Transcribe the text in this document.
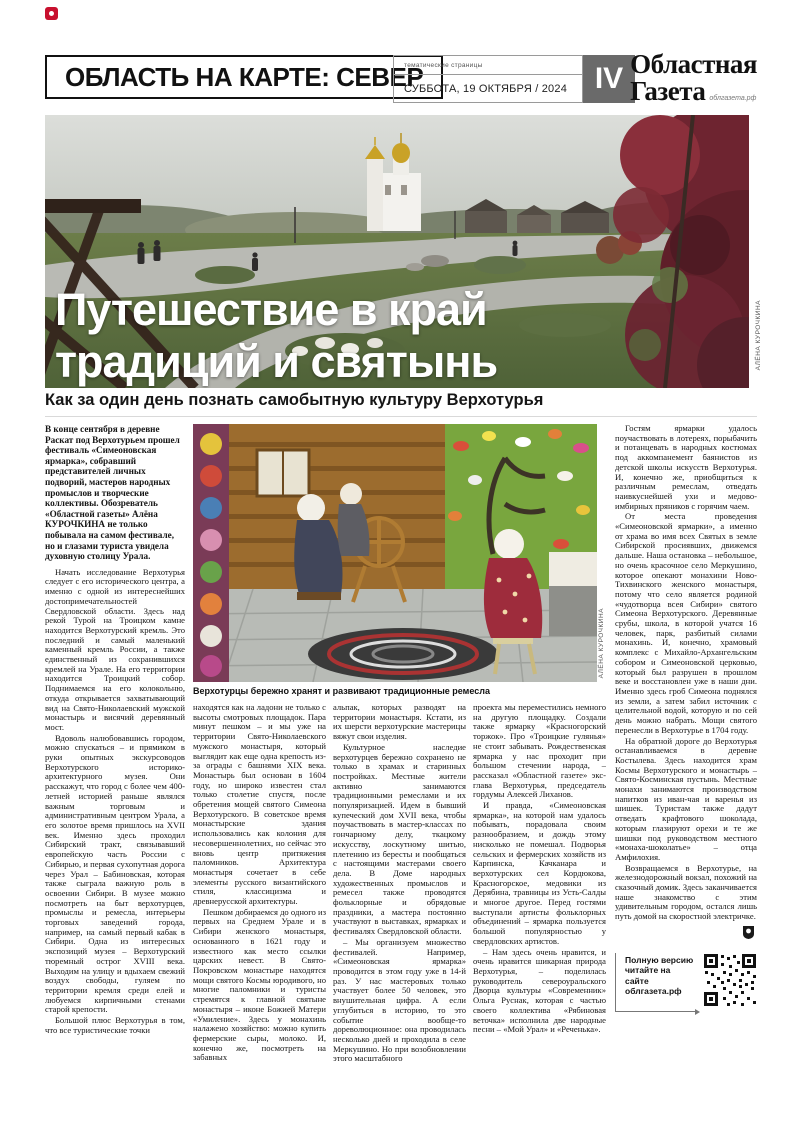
ОБЛАСТЬ НА КАРТЕ: СЕВЕР
тематические страницы
СУББОТА, 19 ОКТЯБРЯ / 2024 IV Областная
Газета облгазета.рф
Путешествие в край
традиций и святынь	АЛЁНА КУРОЧКИНА
Как за один день познать самобытную культуру Верхотурья

В конце сентября в деревне Раскат под Верхотурьем прошел фестиваль «Симеоновская ярмарка», собравший представителей личных подворий, мастеров народных промыслов и творческие коллективы. Обозреватель «Областной газеты» Алёна КУРОЧКИНА не только побывала на самом фестивале, но и глазами туриста увидела духовную столицу Урала.

Начать исследование Верхотурья следует с его исторического центра, а именно с одной из интереснейших достопримечательностей Свердловской области. Здесь над рекой Турой на Троицком камне находится Верхотурский кремль. Это последний и самый маленький каменный кремль России, а также единственный из сохранившихся кремлей на Урале. На его территории находится Троицкий собор. Поднимаемся на его колокольню, откуда открывается захватывающий вид на Свято-Николаевский мужской монастырь и висячий деревянный мост.

Вдоволь налюбовавшись городом, можно спускаться – и прямиком в руки опытных экскурсоводов Верхотурского историко-архитектурного музея. Они расскажут, что город с более чем 400-летней историей раньше являлся важным торговым и административным центром Урала, а его золотое время пришлось на XVII век. Именно здесь проходил Сибирский тракт, связывавший европейскую часть России с Сибирью, и первая сухопутная дорога через Урал – Бабиновская, которая также сыграла важную роль в освоении Сибири. В музее можно посмотреть на быт верхотурцев, промыслы и ремесла, интерьеры торговых заведений города, например, на самый первый кабак в Сибири. Одна из интересных экспозиций музея – Верхотурский тюремный острог XVIII века. Выходим на улицу и вдыхаем свежий воздух свободы, гуляем по территории кремля среди елей и любуемся кирпичными стенами старой крепости.

Большой плюс Верхотурья в том, что все туристические точки

АЛЁНА КУРОЧКИНА
Верхотурцы бережно хранят и развивают традиционные ремесла

находятся как на ладони не только с высоты смотровых площадок. Пара минут пешком – и мы уже на территории Свято-Николаевского мужского монастыря, который выглядит как еще одна крепость из-за ограды с башнями XIX века. Монастырь был основан в 1604 году, но широко известен стал только столетие спустя, после обретения мощей святого Симеона Верхотурского. В советское время монастырские здания использовались как колония для несовершеннолетних, но сейчас это вновь центр притяжения паломников. Архитектура монастыря сочетает в себе элементы русского византийского стиля, классицизма и древнерусской архитектуры.

Пешком добираемся до одного из первых на Среднем Урале и в Сибири женского монастыря, основанного в 1621 году и известного как место ссылки царских невест. В Свято-Покровском монастыре находятся мощи святого Космы юродивого, но многие паломники и туристы стремятся к главной святыне монастыря – иконе Божией Матери «Умиление». Здесь у монахинь налажено хозяйство: можно купить фермерские сыры, молоко. И, конечно же, посмотреть на забавных

альпак, которых разводят на территории монастыря. Кстати, из их шерсти верхотурские мастерицы вяжут свои изделия.

Культурное наследие верхотурцев бережно сохранено не только в храмах и старинных постройках. Местные жители активно занимаются традиционными ремеслами и их популяризацией. Идем в бывший купеческий дом XVII века, чтобы поучаствовать в мастер-классах по гончарному делу, ткацкому искусству, лоскутному шитью, плетению из бересты и пообщаться с настоящими мастерами своего дела. В Доме народных художественных промыслов и ремесел также проводятся фольклорные и обрядовые праздники, а мастера постоянно участвуют в выставках, ярмарках и фестивалях Свердловской области.

– Мы организуем множество фестивалей. Например, «Симеоновская ярмарка» проводится в этом году уже в 14-й раз. У нас мастеровых только участвует более 50 человек, это внушительная цифра. А если углубиться в историю, то это событие вообще-то дореволюционное: она проводилась несколько дней и проходила в селе Меркушино. Но при возобновлении этого масштабного

проекта мы переместились немного на другую площадку. Создали также ярмарку «Красногорский торжок». Про «Троицкие гулянья» не стоит забывать. Рождественская ярмарка у нас проходит при большом стечении народа, – рассказал «Областной газете» экс-глава Верхотурья, председатель гордумы Алексей Лиханов.

И правда, «Симеоновская ярмарка», на которой нам удалось побывать, порадовала своим разнообразием, и дождь этому нисколько не помешал. Подворья сельских и фермерских хозяйств из Карпинска, Качканара и верхотурских сел Кордюкова, Красногорское, медовики из Дерябина, травницы из Усть-Салды и многое другое. Перед гостями выступали артисты фольклорных объединений – ярмарка пользуется большой популярностью у свердловских артистов.

– Нам здесь очень нравится, и очень нравится шикарная природа Верхотурья, – поделилась руководитель североуральского Дворца культуры «Современник» Ольга Руснак, которая с частью своего коллектива «Рябиновая веточка» исполнила две народные песни – «Мой Урал» и «Реченька».

Гостям ярмарки удалось поучаствовать в лотереях, порыбачить и потанцевать в народных костюмах под аккомпанемент баянистов из детской школы искусств Верхотурья. И, конечно же, приобщиться к различным ремеслам, отведать наивкуснейшей ухи и медово-имбирных пряников с горячим чаем.

От места проведения «Симеоновской ярмарки», а именно от храма во имя всех Святых в земле Сибирской просиявших, движемся дальше. Наша остановка – небольшое, но очень красочное село Меркушино, которое опекают монахини Ново-Тихвинского женского монастыря, потому что село является родиной «чудотворца всея Сибири» святого Симеона Верхотурского. Деревянные срубы, школа, в которой учатся 16 человек, парк, разбитый силами монахинь. И, конечно, храмовый комплекс с Михайло-Архангельским собором и Симеоновской церковью, который был разрушен в прошлом веке и восстановлен уже в наши дни. Именно здесь гроб Симеона поднялся из земли, а затем забил источник с целительной водой, которую и по сей день можно набрать. Мощи святого перенесли в Верхотурье в 1704 году.

На обратной дороге до Верхотурья останавливаемся в деревне Костылева. Здесь находится храм Космы Верхотурского и монастырь – Свято-Косминская пустынь. Местные монахи занимаются производством напитков из иван-чая и варенья из шишек. Туристам также дадут отведать крафтового шоколада, которым глазируют орехи и те же шишки под руководством местного «монаха-шоколатье» – отца Амфилохия.

Возвращаемся в Верхотурье, на железнодорожный вокзал, похожий на сказочный домик. Здесь заканчивается наше знакомство с этим удивительным городом, остался лишь путь домой на скоростной электричке.

Полную версию читайте на сайте облгазета.рф
